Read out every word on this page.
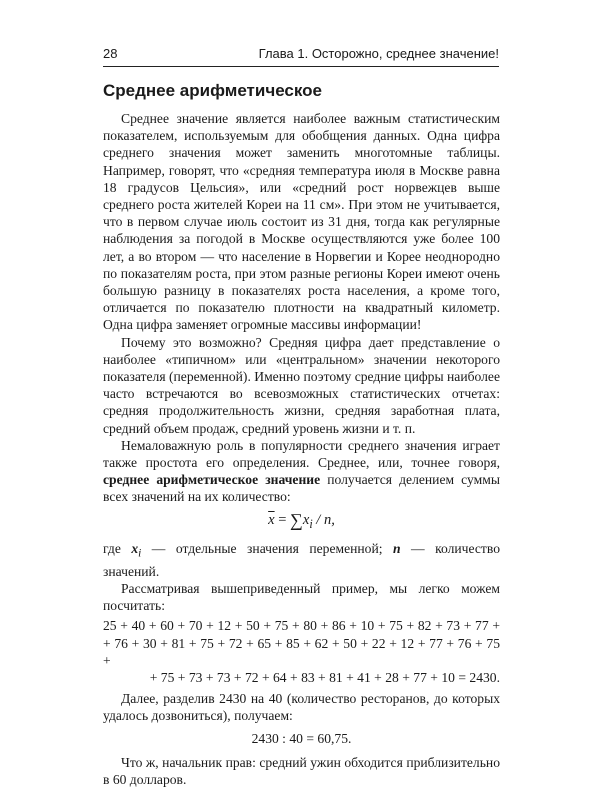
28	Глава 1. Осторожно, среднее значение!
Среднее арифметическое

Среднее значение является наиболее важным статистическим показателем, используемым для обобщения данных. Одна цифра среднего значения может заменить многотомные таблицы. Например, говорят, что «средняя температура июля в Москве равна 18 градусов Цельсия», или «средний рост норвежцев выше среднего роста жителей Кореи на 11 см». При этом не учитывается, что в первом случае июль состоит из 31 дня, тогда как регулярные наблюдения за погодой в Москве осуществляются уже более 100 лет, а во втором — что население в Норвегии и Корее неоднородно по показателям роста, при этом разные регионы Кореи имеют очень большую разницу в показателях роста населения, а кроме того, отличается по показателю плотности на квадратный километр. Одна цифра заменяет огромные массивы информации!

Почему это возможно? Средняя цифра дает представление о наиболее «типичном» или «центральном» значении некоторого показателя (переменной). Именно поэтому средние цифры наиболее часто встречаются во всевозможных статистических отчетах: средняя продолжительность жизни, средняя заработная плата, средний объем продаж, средний уровень жизни и т. п.

Немаловажную роль в популярности среднего значения играет также простота его определения. Среднее, или, точнее говоря, среднее арифметическое значение получается делением суммы всех значений на их количество:

$\overline{x} = \sum x_i / n$,

где $x_i$ — отдельные значения переменной; n — количество значений.

Рассматривая вышеприведенный пример, мы легко можем посчитать:

25 + 40 + 60 + 70 + 12 + 50 + 75 + 80 + 86 + 10 + 75 + 82 + 73 + 77 +
+ 76 + 30 + 81 + 75 + 72 + 65 + 85 + 62 + 50 + 22 + 12 + 77 + 76 + 75 +
+ 75 + 73 + 73 + 72 + 64 + 83 + 81 + 41 + 28 + 77 + 10 = 2430.

Далее, разделив 2430 на 40 (количество ресторанов, до которых удалось дозвониться), получаем:

2430 : 40 = 60,75.

Что ж, начальник прав: средний ужин обходится приблизительно в 60 долларов.
